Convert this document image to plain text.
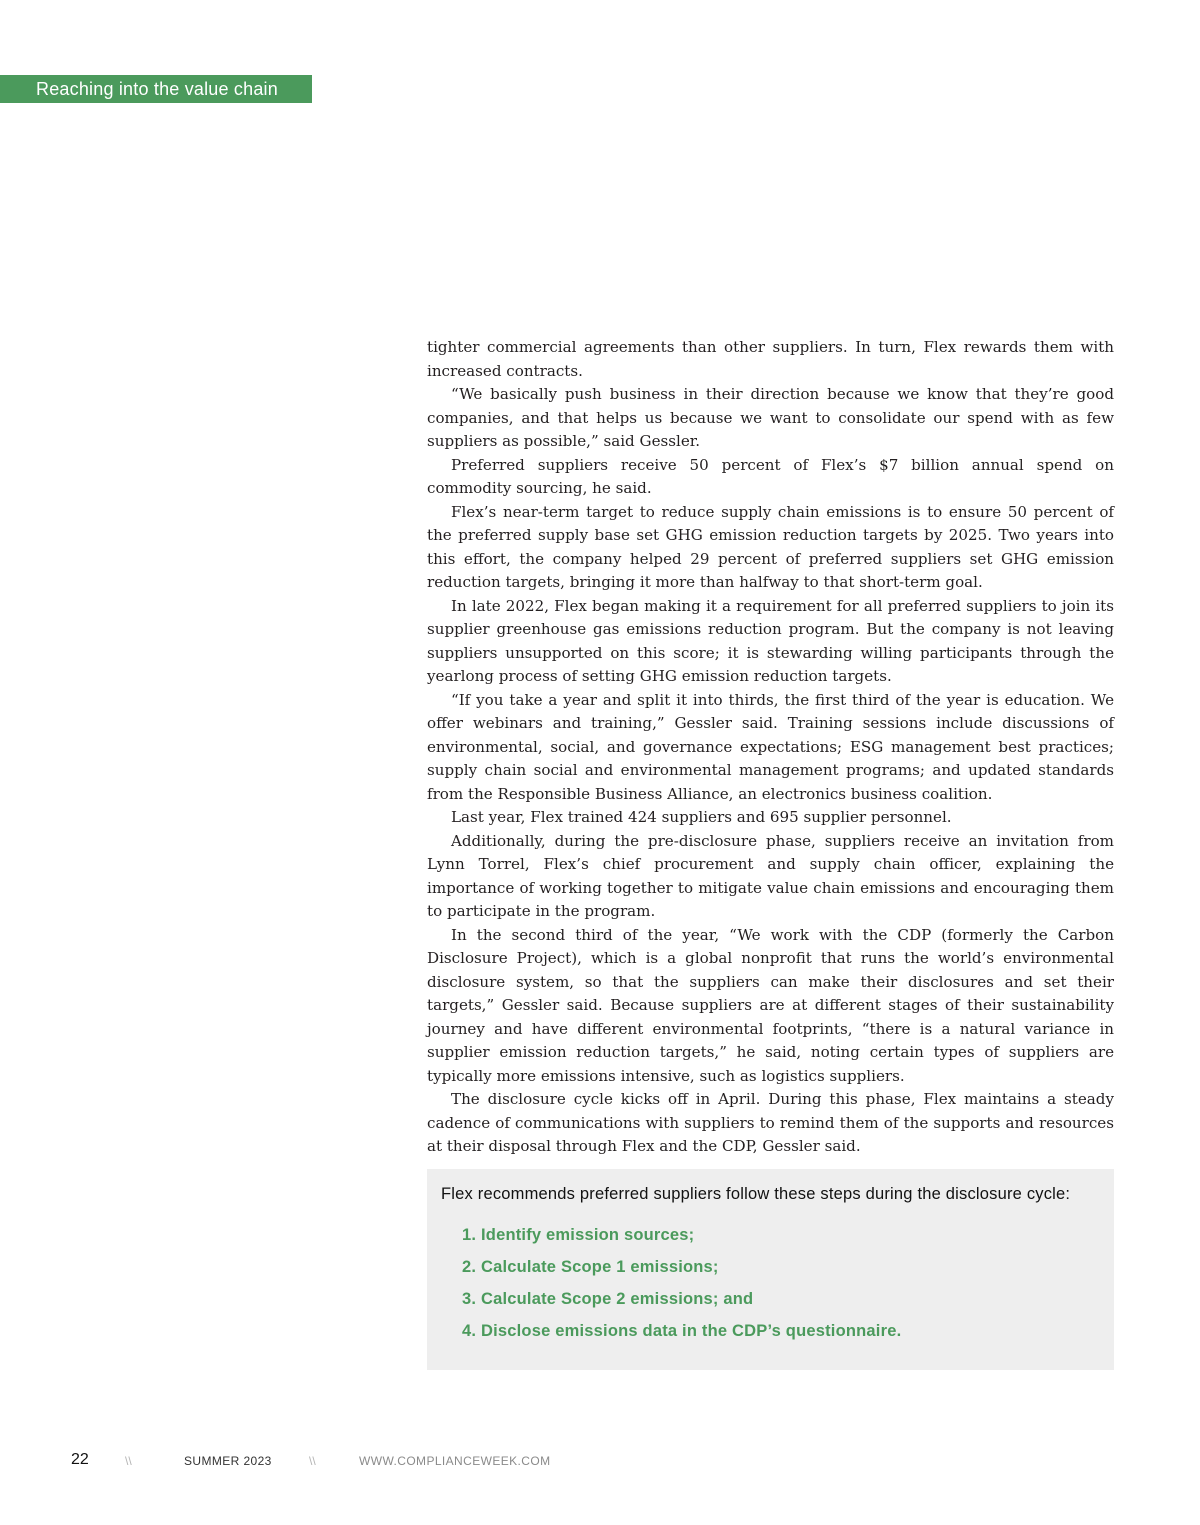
Reaching into the value chain

tighter commercial agreements than other suppliers. In turn, Flex rewards them with increased contracts.

“We basically push business in their direction because we know that they’re good companies, and that helps us because we want to consolidate our spend with as few suppliers as possible,” said Gessler.

Preferred suppliers receive 50 percent of Flex’s $7 billion annual spend on commodity sourcing, he said.

Flex’s near-term target to reduce supply chain emissions is to ensure 50 percent of the preferred supply base set GHG emission reduction targets by 2025. Two years into this effort, the company helped 29 percent of preferred suppliers set GHG emission reduction targets, bringing it more than halfway to that short-term goal.

In late 2022, Flex began making it a requirement for all preferred suppliers to join its supplier greenhouse gas emissions reduction program. But the company is not leaving suppliers unsupported on this score; it is stewarding willing participants through the yearlong process of setting GHG emission reduction targets.

“If you take a year and split it into thirds, the first third of the year is education. We offer webinars and training,” Gessler said. Training sessions include discussions of environmental, social, and governance expectations; ESG management best practices; supply chain social and environmental management programs; and updated standards from the Responsible Business Alliance, an electronics business coalition.

Last year, Flex trained 424 suppliers and 695 supplier personnel.

Additionally, during the pre-disclosure phase, suppliers receive an invitation from Lynn Torrel, Flex’s chief procurement and supply chain officer, explaining the importance of working together to mitigate value chain emissions and encouraging them to participate in the program.

In the second third of the year, “We work with the CDP (formerly the Carbon Disclosure Project), which is a global nonprofit that runs the world’s environmental disclosure system, so that the suppliers can make their disclosures and set their targets,” Gessler said. Because suppliers are at different stages of their sustainability journey and have different environmental footprints, “there is a natural variance in supplier emission reduction targets,” he said, noting certain types of suppliers are typically more emissions intensive, such as logistics suppliers.

The disclosure cycle kicks off in April. During this phase, Flex maintains a steady cadence of communications with suppliers to remind them of the supports and resources at their disposal through Flex and the CDP, Gessler said.

Flex recommends preferred suppliers follow these steps during the disclosure cycle:

1. Identify emission sources;
2. Calculate Scope 1 emissions;
3. Calculate Scope 2 emissions; and
4. Disclose emissions data in the CDP’s questionnaire.
22	\\	SUMMER 2023	\\	WWW.COMPLIANCEWEEK.COM
